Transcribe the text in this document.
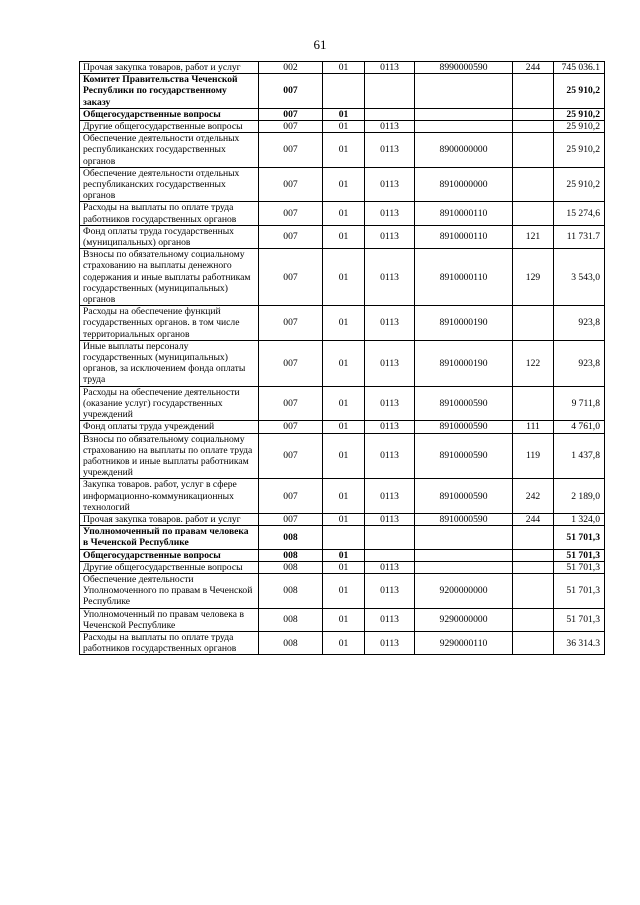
61
Прочая закупка товаров, работ и услуг	002	01	0113	8990000590	244	745 036.1
Комитет Правительства Чеченской Республики по государственному заказу	007					25 910,2
Общегосударственные вопросы	007	01				25 910,2
Другие общегосударственные вопросы	007	01	0113			25 910,2
Обеспечение деятельности отдельных республиканских государственных органов	007	01	0113	8900000000		25 910,2
Обеспечение деятельности отдельных республиканских государственных органов	007	01	0113	8910000000		25 910,2
Расходы на выплаты по оплате труда работников государственных органов	007	01	0113	8910000110		15 274,6
Фонд оплаты труда государственных (муниципальных) органов	007	01	0113	8910000110	121	11 731.7
Взносы по обязательному социальному страхованию на выплаты денежного содержания и иные выплаты работникам государственных (муниципальных) органов	007	01	0113	8910000110	129	3 543,0
Расходы на обеспечение функций государственных органов. в том числе территориальных органов	007	01	0113	8910000190		923,8
Иные выплаты персоналу государственных (муниципальных) органов, за исключением фонда оплаты труда	007	01	0113	8910000190	122	923,8
Расходы на обеспечение деятельности (оказание услуг) государственных учреждений	007	01	0113	8910000590		9 711,8
Фонд оплаты труда учреждений	007	01	0113	8910000590	111	4 761,0
Взносы по обязательному социальному страхованию на выплаты по оплате труда работников и иные выплаты работникам учреждений	007	01	0113	8910000590	119	1 437,8
Закупка товаров. работ, услуг в сфере информационно-коммуникационных технологий	007	01	0113	8910000590	242	2 189,0
Прочая закупка товаров. работ и услуг	007	01	0113	8910000590	244	1 324,0
Уполномоченный по правам человека в Чеченской Республике	008					51 701,3
Общегосударственные вопросы	008	01				51 701,3
Другие общегосударственные вопросы	008	01	0113			51 701,3
Обеспечение деятельности Уполномоченного по правам в Чеченской Республике	008	01	0113	9200000000		51 701,3
Уполномоченный по правам человека в Чеченской Республике	008	01	0113	9290000000		51 701,3
Расходы на выплаты по оплате труда работников государственных органов	008	01	0113	9290000110		36 314.3
